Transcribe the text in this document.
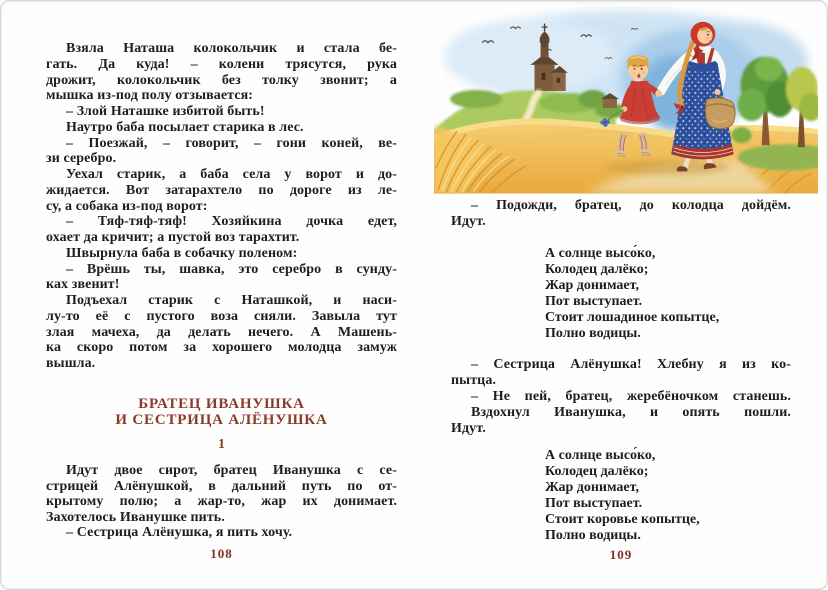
Взяла Наташа колокольчик и стала бе-
гать. Да куда! – колени трясутся, рука
дрожит, колокольчик без толку звонит; а
мышка из-под полу отзывается:
– Злой Наташке избитой быть!
Наутро баба посылает старика в лес.
– Поезжай, – говорит, – гони коней, ве-
зи серебро.
Уехал старик, а баба села у ворот и до-
жидается. Вот затарахтело по дороге из ле-
су, а собака из-под ворот:
– Тяф-тяф-тяф! Хозяйкина дочка едет,
охает да кричит; а пустой воз тарахтит.
Швырнула баба в собачку поленом:
– Врёшь ты, шавка, это серебро в сунду-
ках звенит!
Подъехал старик с Наташкой, и наси-
лу-то её с пустого воза сняли. Завыла тут
злая мачеха, да делать нечего. А Машень-
ка скоро потом за хорошего молодца замуж
вышла.
БРАТЕЦ ИВАНУШКА
И СЕСТРИЦА АЛЁНУШКА
1
Идут двое сирот, братец Иванушка с се-
стрицей Алёнушкой, в дальний путь по от-
крытому полю; а жар-то, жар их донимает.
Захотелось Иванушке пить.
– Сестрица Алёнушка, я пить хочу.
108
– Подожди, братец, до колодца дойдём.
Идут.
А солнце высо́ко,
Колодец далёко;
Жар донимает,
Пот выступает.
Стоит лошадиное копытце,
Полно водицы.
– Сестрица Алёнушка! Хлебну я из ко-
пытца.
– Не пей, братец, жеребёночком станешь.
Вздохнул Иванушка, и опять пошли.
Идут.
А солнце высо́ко,
Колодец далёко;
Жар донимает,
Пот выступает.
Стоит коровье копытце,
Полно водицы.
109
